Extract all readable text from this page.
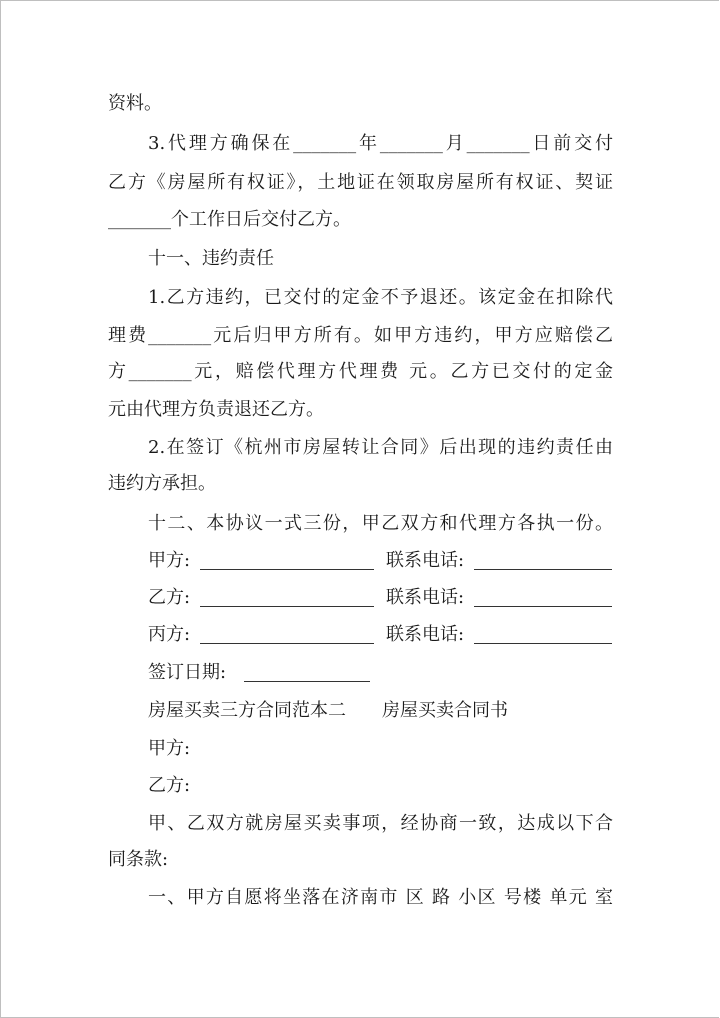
资料。
3.代理方确保在_______年_______月_______日前交付
乙方《房屋所有权证》，土地证在领取房屋所有权证、契证
_______个工作日后交付乙方。
十一、违约责任
1.乙方违约，已交付的定金不予退还。该定金在扣除代
理费_______元后归甲方所有。如甲方违约，甲方应赔偿乙
方_______元，赔偿代理方代理费 元。乙方已交付的定金
元由代理方负责退还乙方。
2.在签订《杭州市房屋转让合同》后出现的违约责任由
违约方承担。
十二、本协议一式三份，甲乙双方和代理方各执一份。
甲方:	联系电话:
乙方:	联系电话:
丙方:	联系电话:
签订日期:
房屋买卖三方合同范本二　　房屋买卖合同书
甲方:
乙方:
甲、乙双方就房屋买卖事项，经协商一致，达成以下合
同条款:
一、甲方自愿将坐落在济南市 区 路 小区 号楼 单元 室
